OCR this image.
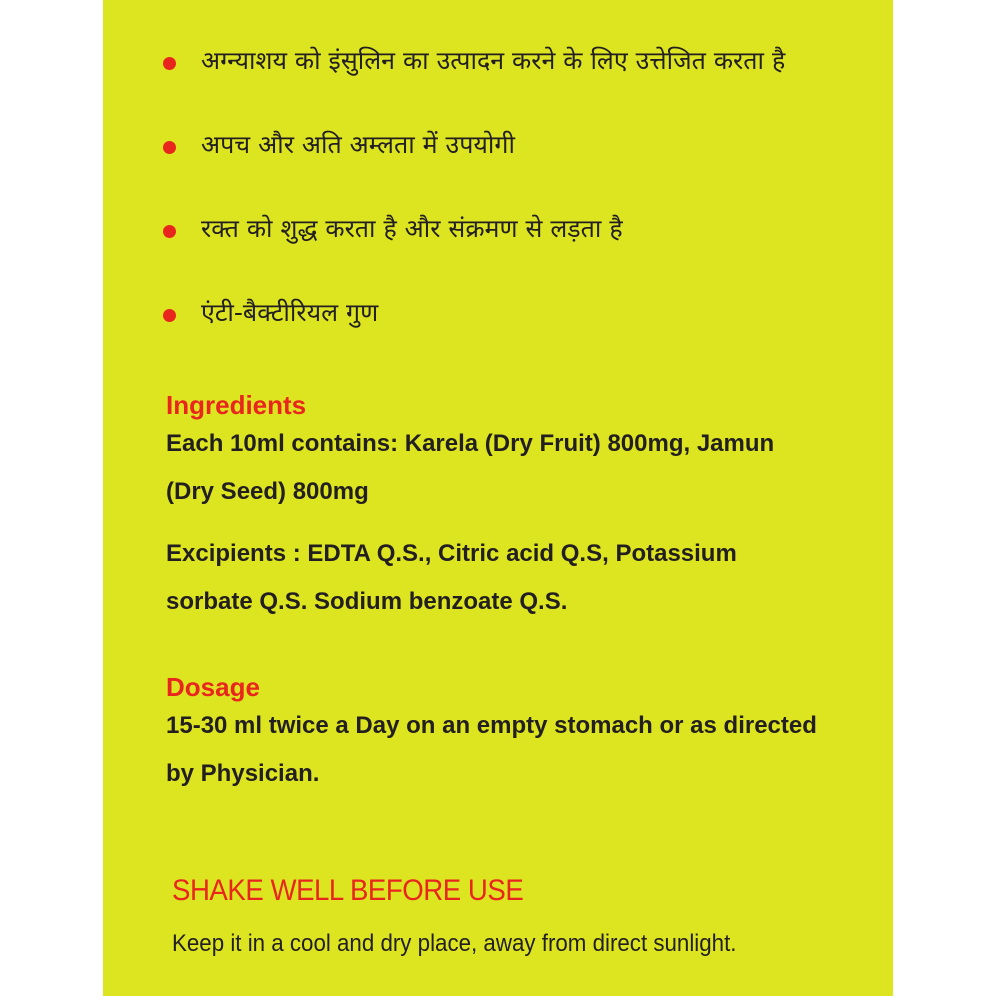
अग्न्याशय को इंसुलिन का उत्पादन करने के लिए उत्तेजित करता है
अपच और अति अम्लता में उपयोगी
रक्त को शुद्ध करता है और संक्रमण से लड़ता है
एंटी-बैक्टीरियल गुण
Ingredients

Each 10ml contains: Karela (Dry Fruit) 800mg, Jamun (Dry Seed) 800mg

Excipients : EDTA Q.S., Citric acid Q.S, Potassium sorbate Q.S. Sodium benzoate Q.S.

Dosage

15-30 ml twice a Day on an empty stomach or as directed by Physician.

SHAKE WELL BEFORE USE
Keep it in a cool and dry place, away from direct sunlight.
